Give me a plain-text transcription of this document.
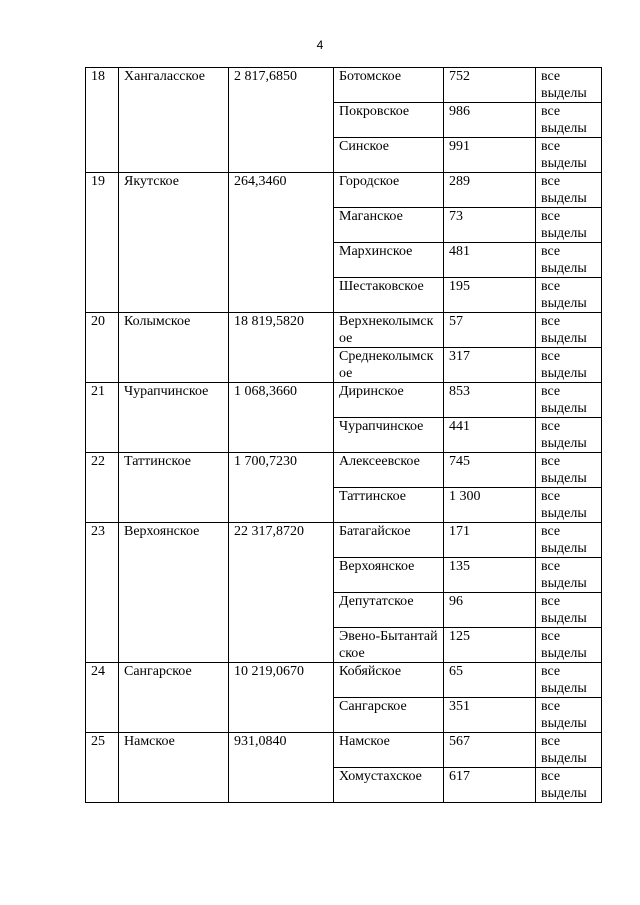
4
18	Хангаласское	2 817,6850	Ботомское	752	все выделы
			Покровское	986	все выделы
			Синское	991	все выделы
19	Якутское	264,3460	Городское	289	все выделы
			Маганское	73	все выделы
			Мархинское	481	все выделы
			Шестаковское	195	все выделы
20	Колымское	18 819,5820	Верхнеколымское	57	все выделы
			Среднеколымское	317	все выделы
21	Чурапчинское	1 068,3660	Диринское	853	все выделы
			Чурапчинское	441	все выделы
22	Таттинское	1 700,7230	Алексеевское	745	все выделы
			Таттинское	1 300	все выделы
23	Верхоянское	22 317,8720	Батагайское	171	все выделы
			Верхоянское	135	все выделы
			Депутатское	96	все выделы
			Эвено-Бытантайское	125	все выделы
24	Сангарское	10 219,0670	Кобяйское	65	все выделы
			Сангарское	351	все выделы
25	Намское	931,0840	Намское	567	все выделы
			Хомустахское	617	все выделы
